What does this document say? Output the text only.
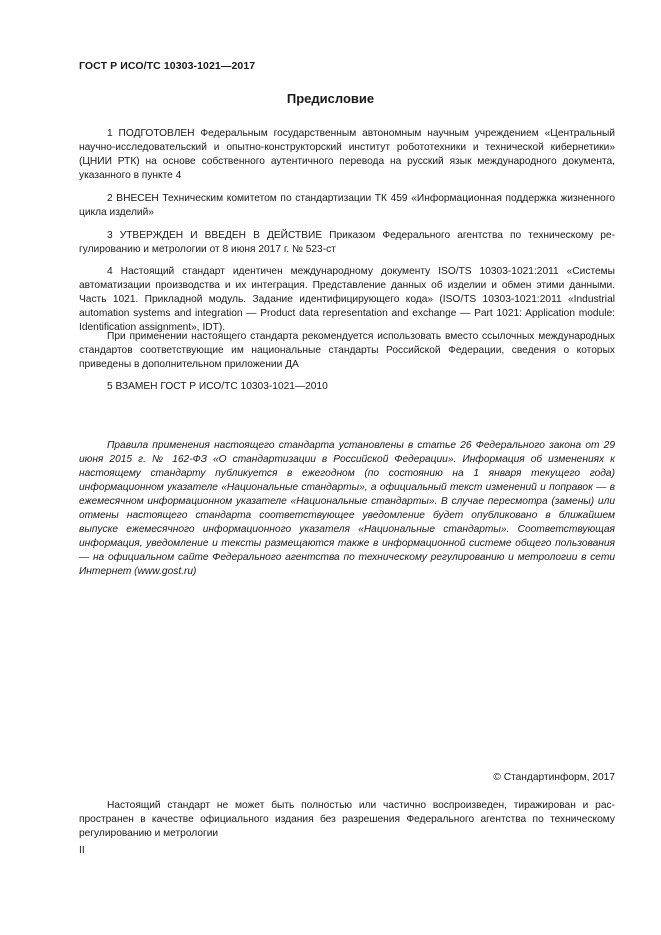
ГОСТ Р ИСО/ТС 10303-1021—2017
Предисловие

1 ПОДГОТОВЛЕН Федеральным государственным автономным научным учреждением «Центральный научно-исследовательский и опытно-конструкторский институт робототехники и технической кибернетики» (ЦНИИ РТК) на основе собственного аутентичного перевода на русский язык международного документа, указанного в пункте 4

2 ВНЕСЕН Техническим комитетом по стандартизации ТК 459 «Информационная поддержка жизненного цикла изделий»

3 УТВЕРЖДЕН И ВВЕДЕН В ДЕЙСТВИЕ Приказом Федерального агентства по техническому регулированию и метрологии от 8 июня 2017 г. № 523-ст

4 Настоящий стандарт идентичен международному документу ISO/TS 10303-1021:2011 «Системы автоматизации производства и их интеграция. Представление данных об изделии и обмен этими данными. Часть 1021. Прикладной модуль. Задание идентифицирующего кода» (ISO/TS 10303-1021:2011 «Industrial automation systems and integration — Product data representation and exchange — Part 1021: Application module: Identification assignment», IDT).

При применении настоящего стандарта рекомендуется использовать вместо ссылочных международных стандартов соответствующие им национальные стандарты Российской Федерации, сведения о которых приведены в дополнительном приложении ДА

5 ВЗАМЕН ГОСТ Р ИСО/ТС 10303-1021—2010

Правила применения настоящего стандарта установлены в статье 26 Федерального закона от 29 июня 2015 г. № 162-ФЗ «О стандартизации в Российской Федерации». Информация об изменениях к настоящему стандарту публикуется в ежегодном (по состоянию на 1 января текущего года) информационном указателе «Национальные стандарты», а официальный текст изменений и поправок — в ежемесячном информационном указателе «Национальные стандарты». В случае пересмотра (замены) или отмены настоящего стандарта соответствующее уведомление будет опубликовано в ближайшем выпуске ежемесячного информационного указателя «Национальные стандарты». Соответствующая информация, уведомление и тексты размещаются также в информационной системе общего пользования — на официальном сайте Федерального агентства по техническому регулированию и метрологии в сети Интернет (www.gost.ru)

© Стандартинформ, 2017

Настоящий стандарт не может быть полностью или частично воспроизведен, тиражирован и распространен в качестве официального издания без разрешения Федерального агентства по техническому регулированию и метрологии

II
